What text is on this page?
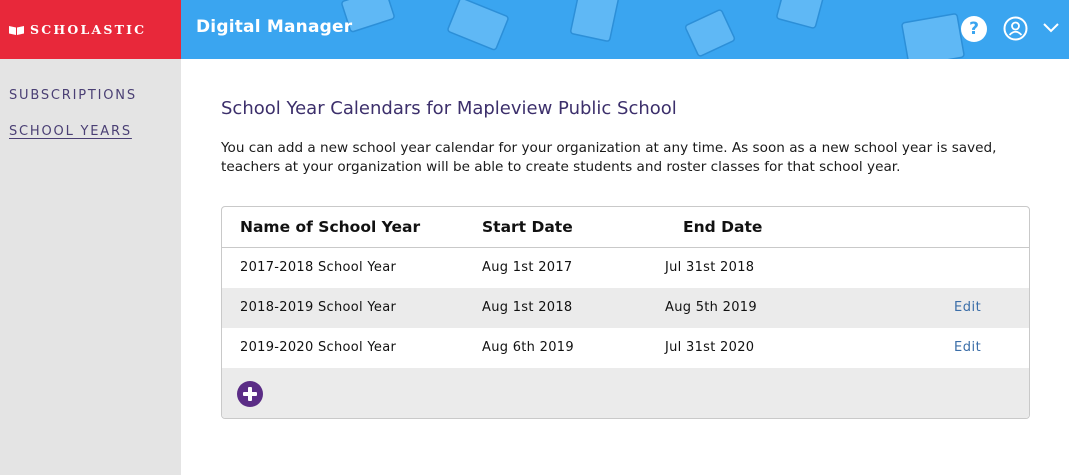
SCHOLASTIC	Digital Manager	?
SUBSCRIPTIONS
SCHOOL YEARS
School Year Calendars for Mapleview Public School
You can add a new school year calendar for your organization at any time. As soon as a new school year is saved, teachers at your organization will be able to create students and roster classes for that school year.
Name of School Year	Start Date	End Date
2017-2018 School Year	Aug 1st 2017	Jul 31st 2018
2018-2019 School Year	Aug 1st 2018	Aug 5th 2019	Edit
2019-2020 School Year	Aug 6th 2019	Jul 31st 2020	Edit
